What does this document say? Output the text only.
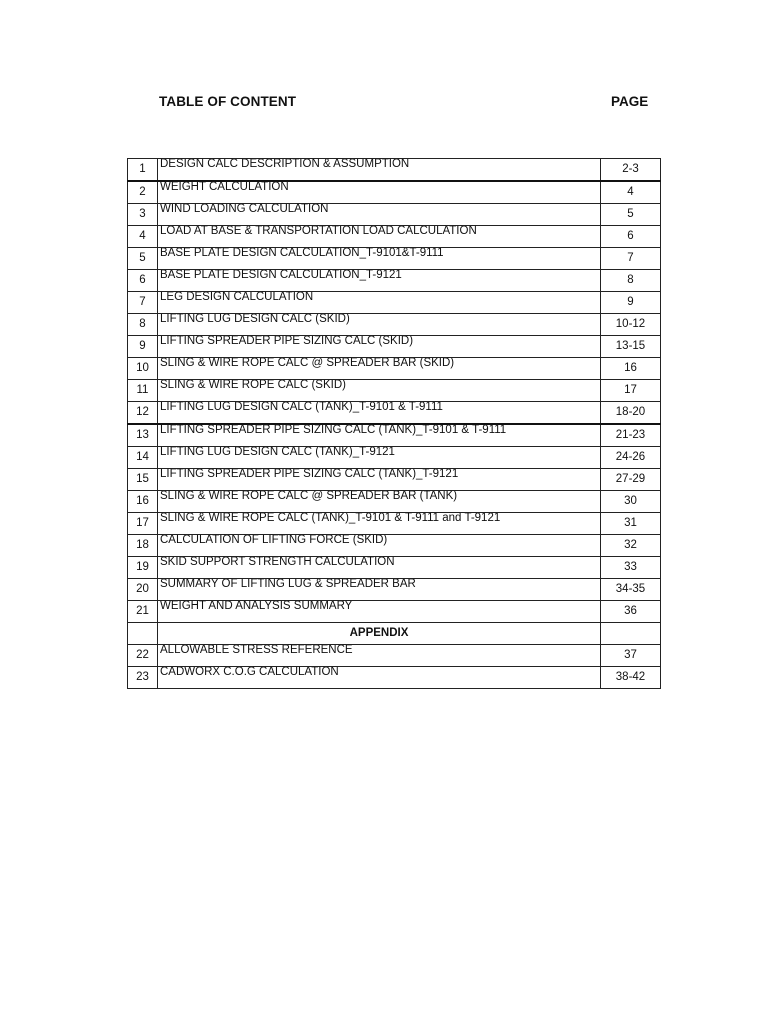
TABLE OF CONTENT	PAGE
1	DESIGN CALC DESCRIPTION & ASSUMPTION	2-3
2	WEIGHT CALCULATION	4
3	WIND LOADING CALCULATION	5
4	LOAD AT BASE & TRANSPORTATION LOAD CALCULATION	6
5	BASE PLATE DESIGN CALCULATION_T-9101&T-9111	7
6	BASE PLATE DESIGN CALCULATION_T-9121	8
7	LEG DESIGN CALCULATION	9
8	LIFTING LUG DESIGN CALC (SKID)	10-12
9	LIFTING SPREADER PIPE SIZING CALC (SKID)	13-15
10	SLING & WIRE ROPE CALC @ SPREADER BAR (SKID)	16
11	SLING & WIRE ROPE CALC (SKID)	17
12	LIFTING LUG DESIGN CALC (TANK)_T-9101 & T-9111	18-20
13	LIFTING SPREADER PIPE SIZING CALC (TANK)_T-9101 & T-9111	21-23
14	LIFTING LUG DESIGN CALC (TANK)_T-9121	24-26
15	LIFTING SPREADER PIPE SIZING CALC (TANK)_T-9121	27-29
16	SLING & WIRE ROPE CALC @ SPREADER BAR (TANK)	30
17	SLING & WIRE ROPE CALC (TANK)_T-9101 & T-9111 and T-9121	31
18	CALCULATION OF LIFTING FORCE (SKID)	32
19	SKID SUPPORT STRENGTH CALCULATION	33
20	SUMMARY OF LIFTING LUG & SPREADER BAR	34-35
21	WEIGHT AND ANALYSIS SUMMARY	36
	APPENDIX	
22	ALLOWABLE STRESS REFERENCE	37
23	CADWORX C.O.G CALCULATION	38-42
